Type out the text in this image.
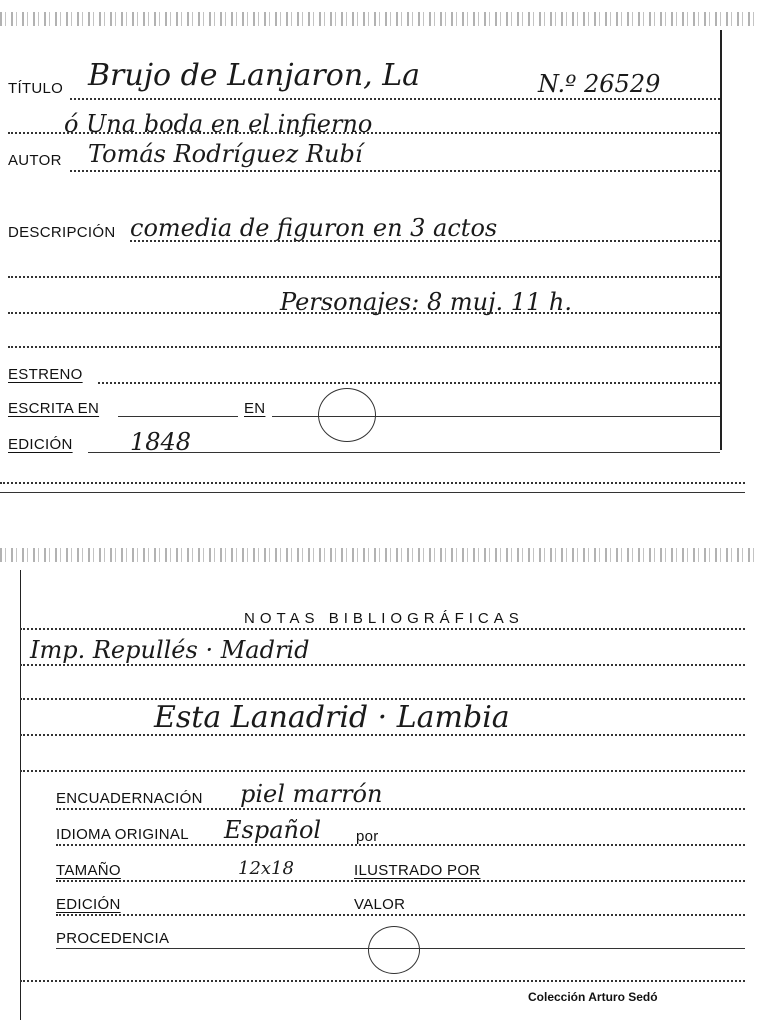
TÍTULO Brujo de Lanjaron, La	N.º 26529
ó Una boda en el infierno
AUTOR Tomás Rodríguez Rubí
DESCRIPCIÓN comedia de figuron en 3 actos
Personajes: 8 muj. 11 h.
ESTRENO
ESCRITA EN	EN
EDICIÓN 1848
NOTAS BIBLIOGRÁFICAS
Imp. Repullés · Madrid
Esta Lanadrid · Lambia
ENCUADERNACIÓN piel marrón
IDIOMA ORIGINAL Español por
TAMAÑO	12x18	ILUSTRADO POR
EDICIÓN	VALOR
PROCEDENCIA
Colección Arturo Sedó
